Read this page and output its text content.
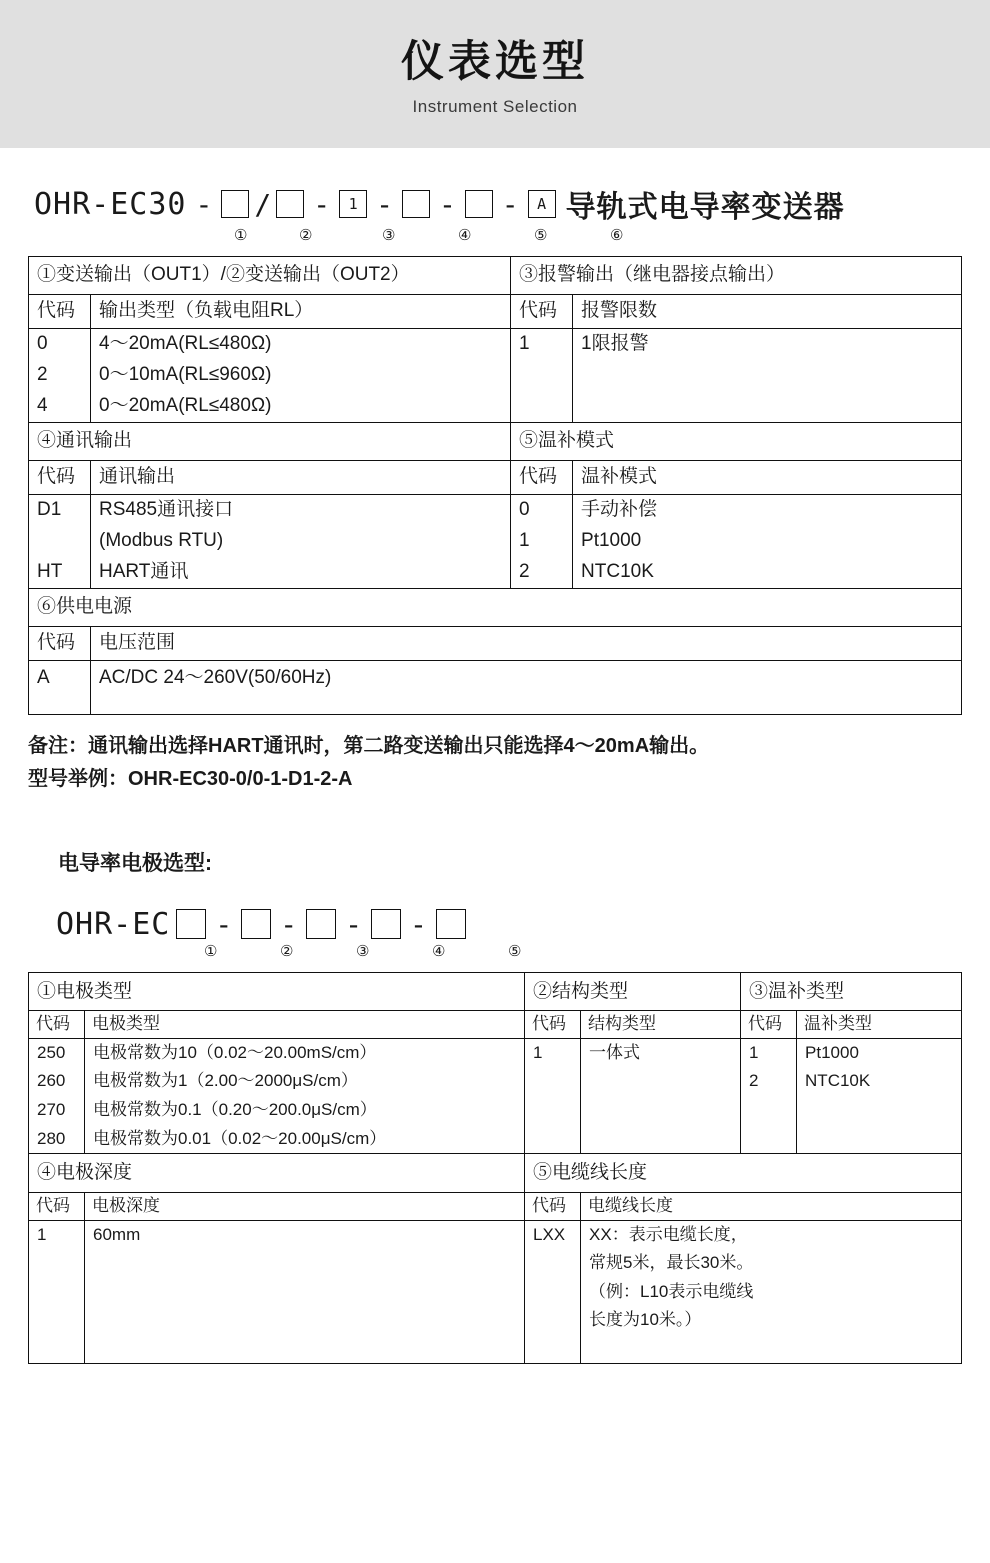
仪表选型
Instrument Selection
OHR-EC30 - / -	1 - - -	A 导轨式电导率变送器
①	②	③	④	⑤	⑥
①变送输出（OUT1）/②变送输出（OUT2）		③报警输出（继电器接点输出）	
代码	输出类型（负载电阻RL）	代码	报警限数
0	4～20mA(RL≤480Ω)	1	1限报警
2	0～10mA(RL≤960Ω)		
4	0～20mA(RL≤480Ω)		
④通讯输出		⑤温补模式	
代码	通讯输出	代码	温补模式
D1	RS485通讯接口	0	手动补偿
	(Modbus RTU)	1	Pt1000
HT	HART通讯	2	NTC10K
⑥供电电源			
代码	电压范围		
A	AC/DC 24～260V(50/60Hz)		
备注：通讯输出选择HART通讯时，第二路变送输出只能选择4～20mA输出。
型号举例：OHR-EC30-0/0-1-D1-2-A
电导率电极选型:
OHR-EC - - - -
①	②	③	④	⑤
①电极类型		②结构类型		③温补类型	
代码	电极类型	代码	结构类型	代码	温补类型
250	电极常数为10（0.02～20.00mS/cm）	1	一体式	1	Pt1000
260	电极常数为1（2.00～2000μS/cm）			2	NTC10K
270	电极常数为0.1（0.20～200.0μS/cm）				
280	电极常数为0.01（0.02～20.00μS/cm）				
④电极深度		⑤电缆线长度			
代码	电极深度	代码	电缆线长度		
1	60mm	LXX	XX：表示电缆长度，		
			常规5米，最长30米。		
			（例：L10表示电缆线		
			长度为10米。）		
